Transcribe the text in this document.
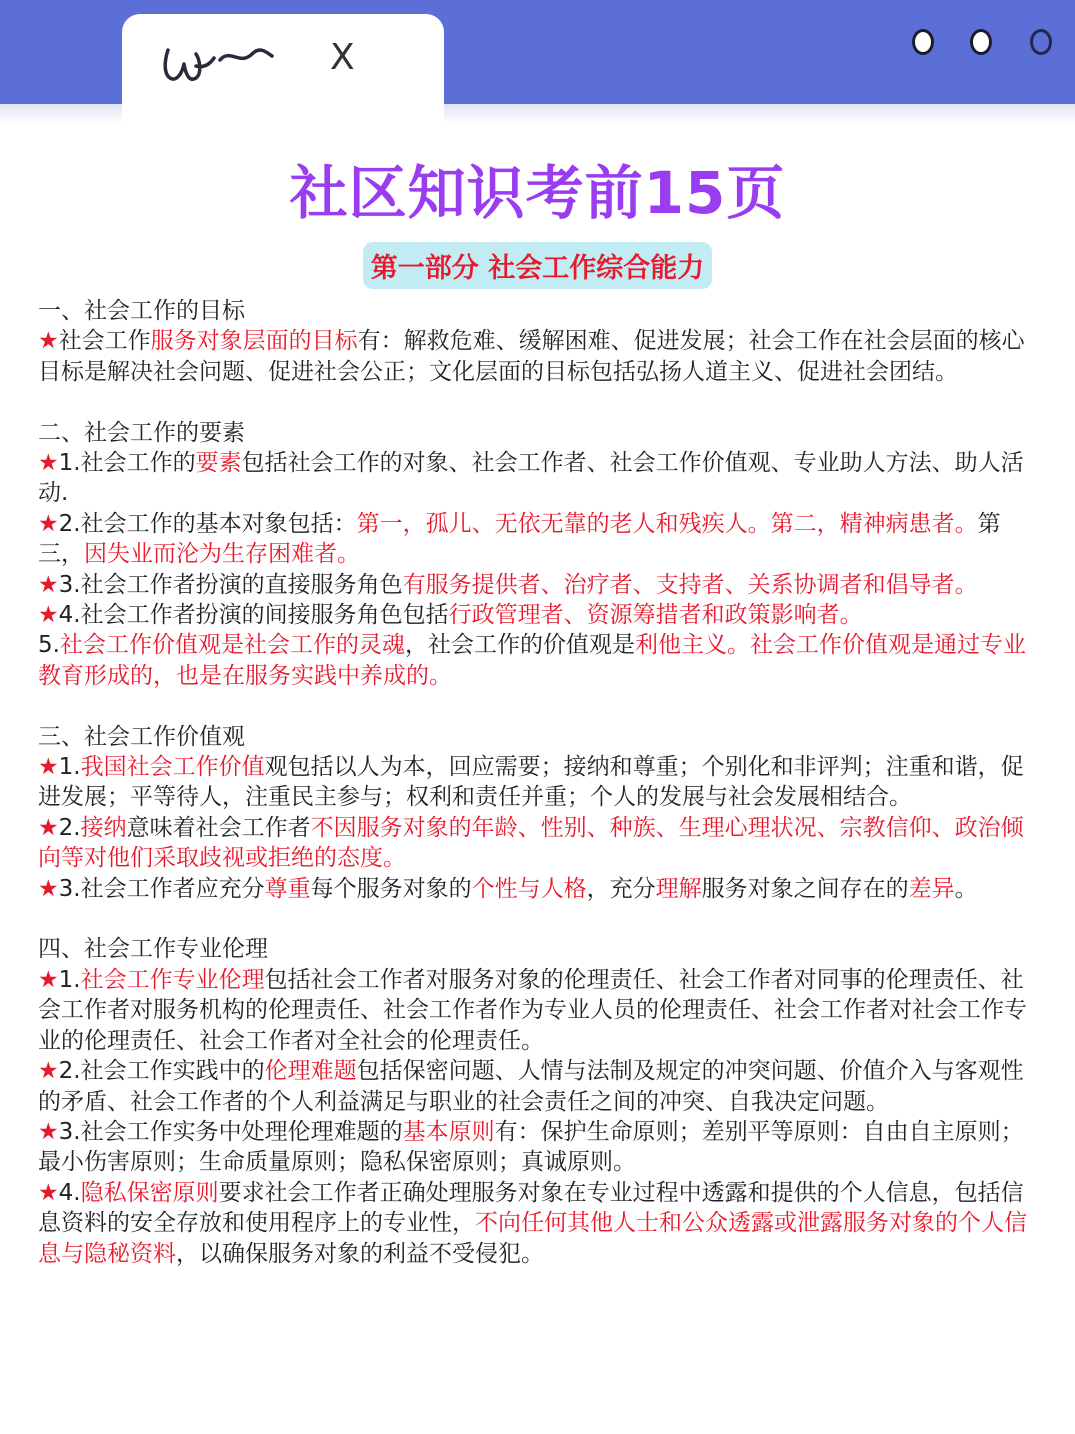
X
社区知识考前15页
第一部分 社会工作综合能力
一、社会工作的目标
★社会工作服务对象层面的目标有：解救危难、缓解困难、促进发展；社会工作在社会层面的核心目标是解决社会问题、促进社会公正；文化层面的目标包括弘扬人道主义、促进社会团结。
二、社会工作的要素
★1.社会工作的要素包括社会工作的对象、社会工作者、社会工作价值观、专业助人方法、助人活动.
★2.社会工作的基本对象包括：第一，孤儿、无依无靠的老人和残疾人。第二，精神病患者。第三，因失业而沦为生存困难者。
★3.社会工作者扮演的直接服务角色有服务提供者、治疗者、支持者、关系协调者和倡导者。
★4.社会工作者扮演的间接服务角色包括行政管理者、资源筹措者和政策影响者。
5.社会工作价值观是社会工作的灵魂，社会工作的价值观是利他主义。社会工作价值观是通过专业教育形成的，也是在服务实践中养成的。
三、社会工作价值观
★1.我国社会工作价值观包括以人为本，回应需要；接纳和尊重；个别化和非评判；注重和谐，促进发展；平等待人，注重民主参与；权利和责任并重；个人的发展与社会发展相结合。
★2.接纳意味着社会工作者不因服务对象的年龄、性别、种族、生理心理状况、宗教信仰、政治倾向等对他们采取歧视或拒绝的态度。
★3.社会工作者应充分尊重每个服务对象的个性与人格，充分理解服务对象之间存在的差异。
四、社会工作专业伦理
★1.社会工作专业伦理包括社会工作者对服务对象的伦理责任、社会工作者对同事的伦理责任、社会工作者对服务机构的伦理责任、社会工作者作为专业人员的伦理责任、社会工作者对社会工作专业的伦理责任、社会工作者对全社会的伦理责任。
★2.社会工作实践中的伦理难题包括保密问题、人情与法制及规定的冲突问题、价值介入与客观性的矛盾、社会工作者的个人利益满足与职业的社会责任之间的冲突、自我决定问题。
★3.社会工作实务中处理伦理难题的基本原则有：保护生命原则；差别平等原则：自由自主原则；最小伤害原则；生命质量原则；隐私保密原则；真诚原则。
★4.隐私保密原则要求社会工作者正确处理服务对象在专业过程中透露和提供的个人信息，包括信息资料的安全存放和使用程序上的专业性，不向任何其他人士和公众透露或泄露服务对象的个人信息与隐秘资料，以确保服务对象的利益不受侵犯。
